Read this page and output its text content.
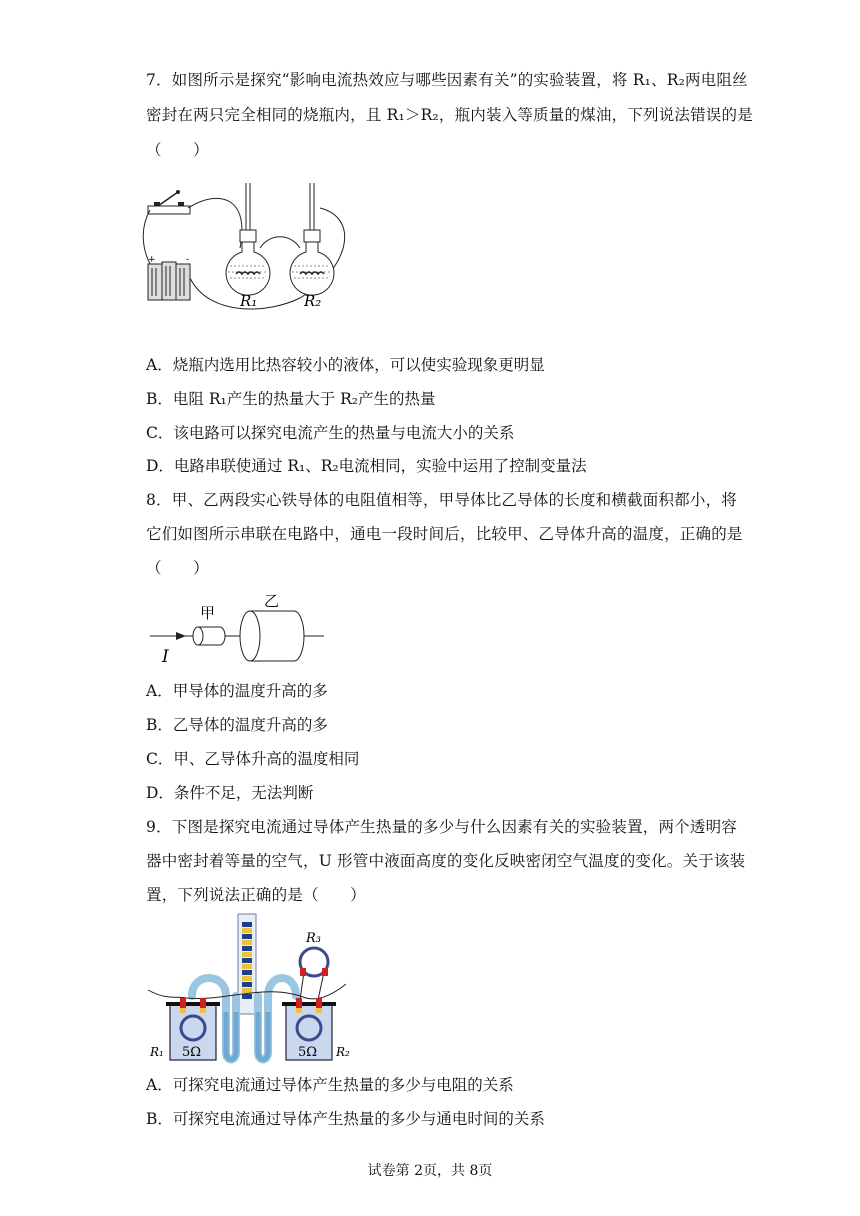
7．如图所示是探究“影响电流热效应与哪些因素有关”的实验装置，将 R₁、R₂两电阻丝
密封在两只完全相同的烧瓶内，且 R₁＞R₂，瓶内装入等质量的煤油，下列说法错误的是
（　　）
+	-
R₁	R₂
A．烧瓶内选用比热容较小的液体，可以使实验现象更明显
B．电阻 R₁产生的热量大于 R₂产生的热量
C．该电路可以探究电流产生的热量与电流大小的关系
D．电路串联使通过 R₁、R₂电流相同，实验中运用了控制变量法
8．甲、乙两段实心铁导体的电阻值相等，甲导体比乙导体的长度和横截面积都小，将
它们如图所示串联在电路中，通电一段时间后，比较甲、乙导体升高的温度，正确的是
（　　）
I
甲
乙
A．甲导体的温度升高的多
B．乙导体的温度升高的多
C．甲、乙导体升高的温度相同
D．条件不足，无法判断
9．下图是探究电流通过导体产生热量的多少与什么因素有关的实验装置，两个透明容
器中密封着等量的空气，U 形管中液面高度的变化反映密闭空气温度的变化。关于该装
置，下列说法正确的是（　　）
R₃
5Ω
R₁	5Ω R₂
A．可探究电流通过导体产生热量的多少与电阻的关系
B．可探究电流通过导体产生热量的多少与通电时间的关系
试卷第 2页，共 8页
